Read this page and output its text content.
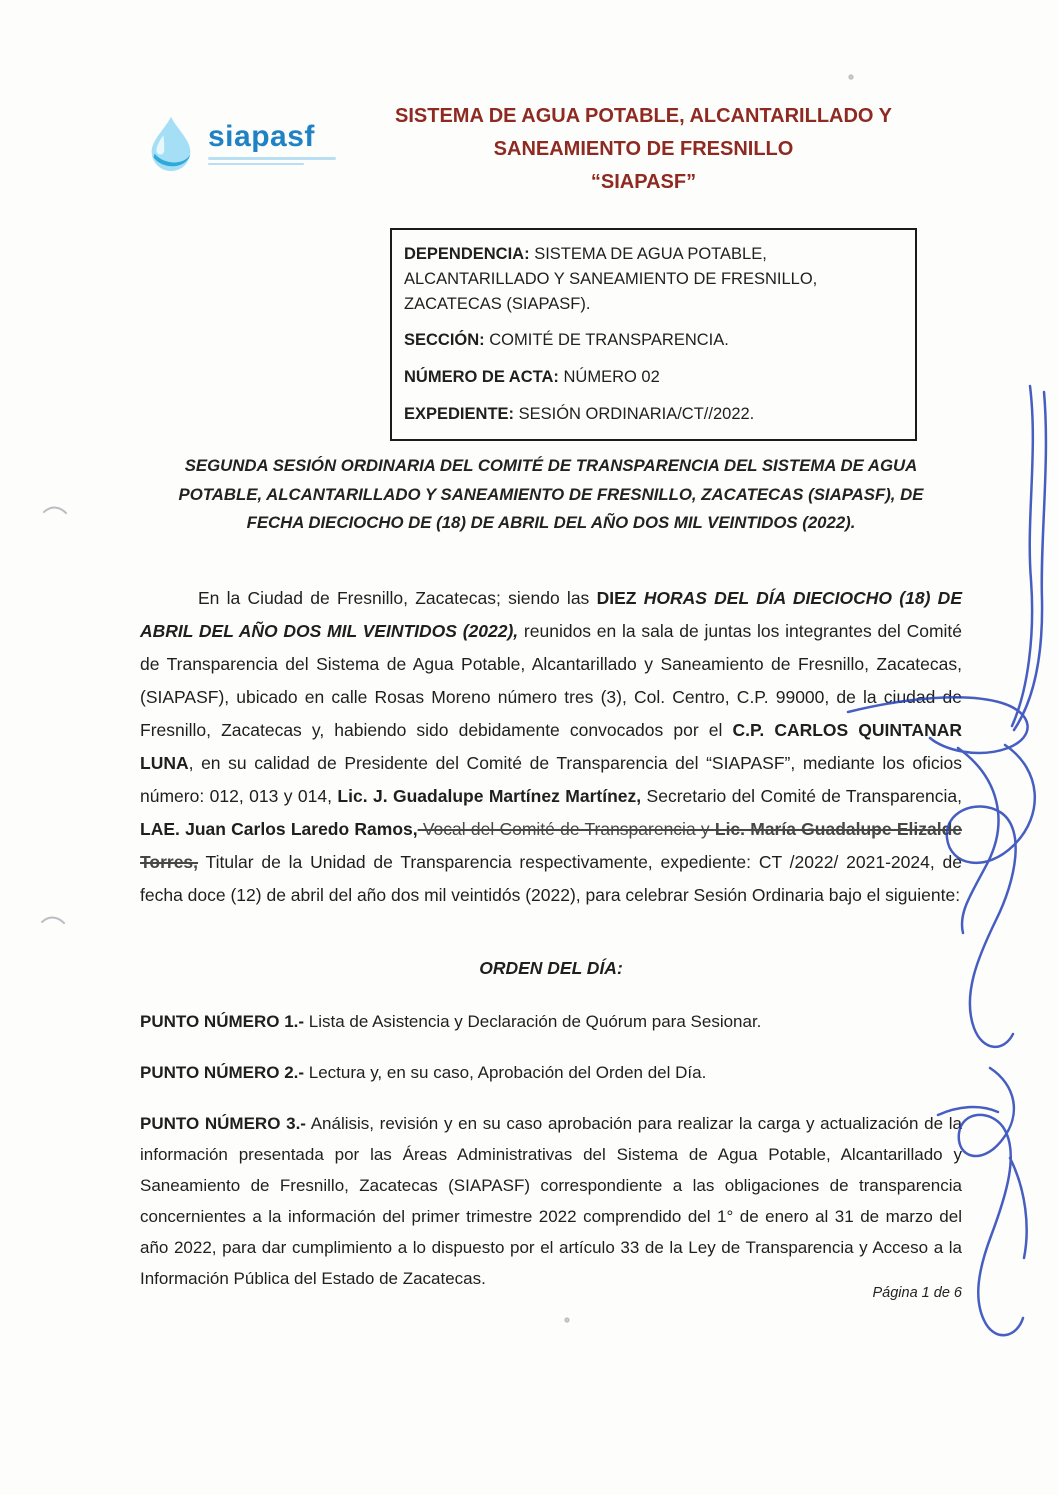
siapasf
SISTEMA DE AGUA POTABLE, ALCANTARILLADO Y
SANEAMIENTO DE FRESNILLO
“SIAPASF”

DEPENDENCIA: SISTEMA DE AGUA POTABLE, ALCANTARILLADO Y SANEAMIENTO DE FRESNILLO, ZACATECAS (SIAPASF).

SECCIÓN: COMITÉ DE TRANSPARENCIA.

NÚMERO DE ACTA: NÚMERO 02

EXPEDIENTE: SESIÓN ORDINARIA/CT//2022.

SEGUNDA SESIÓN ORDINARIA DEL COMITÉ DE TRANSPARENCIA DEL SISTEMA DE AGUA POTABLE, ALCANTARILLADO Y SANEAMIENTO DE FRESNILLO, ZACATECAS (SIAPASF), DE FECHA DIECIOCHO DE (18) DE ABRIL DEL AÑO DOS MIL VEINTIDOS (2022).

En la Ciudad de Fresnillo, Zacatecas; siendo las DIEZ HORAS DEL DÍA DIECIOCHO (18) DE ABRIL DEL AÑO DOS MIL VEINTIDOS (2022), reunidos en la sala de juntas los integrantes del Comité de Transparencia del Sistema de Agua Potable, Alcantarillado y Saneamiento de Fresnillo, Zacatecas, (SIAPASF), ubicado en calle Rosas Moreno número tres (3), Col. Centro, C.P. 99000, de la ciudad de Fresnillo, Zacatecas y, habiendo sido debidamente convocados por el C.P. CARLOS QUINTANAR LUNA, en su calidad de Presidente del Comité de Transparencia del “SIAPASF”, mediante los oficios número: 012, 013 y 014, Lic. J. Guadalupe Martínez Martínez, Secretario del Comité de Transparencia, LAE. Juan Carlos Laredo Ramos, Vocal del Comité de Transparencia y Lic. María Guadalupe Elizalde Torres, Titular de la Unidad de Transparencia respectivamente, expediente: CT /2022/ 2021-2024, de fecha doce (12) de abril del año dos mil veintidós (2022), para celebrar Sesión Ordinaria bajo el siguiente:

ORDEN DEL DÍA:

PUNTO NÚMERO 1.- Lista de Asistencia y Declaración de Quórum para Sesionar.

PUNTO NÚMERO 2.- Lectura y, en su caso, Aprobación del Orden del Día.

PUNTO NÚMERO 3.- Análisis, revisión y en su caso aprobación para realizar la carga y actualización de la información presentada por las Áreas Administrativas del Sistema de Agua Potable, Alcantarillado y Saneamiento de Fresnillo, Zacatecas (SIAPASF) correspondiente a las obligaciones de transparencia concernientes a la información del primer trimestre 2022 comprendido del 1° de enero al 31 de marzo del año 2022, para dar cumplimiento a lo dispuesto por el artículo 33 de la Ley de Transparencia y Acceso a la Información Pública del Estado de Zacatecas.

Página 1 de 6
